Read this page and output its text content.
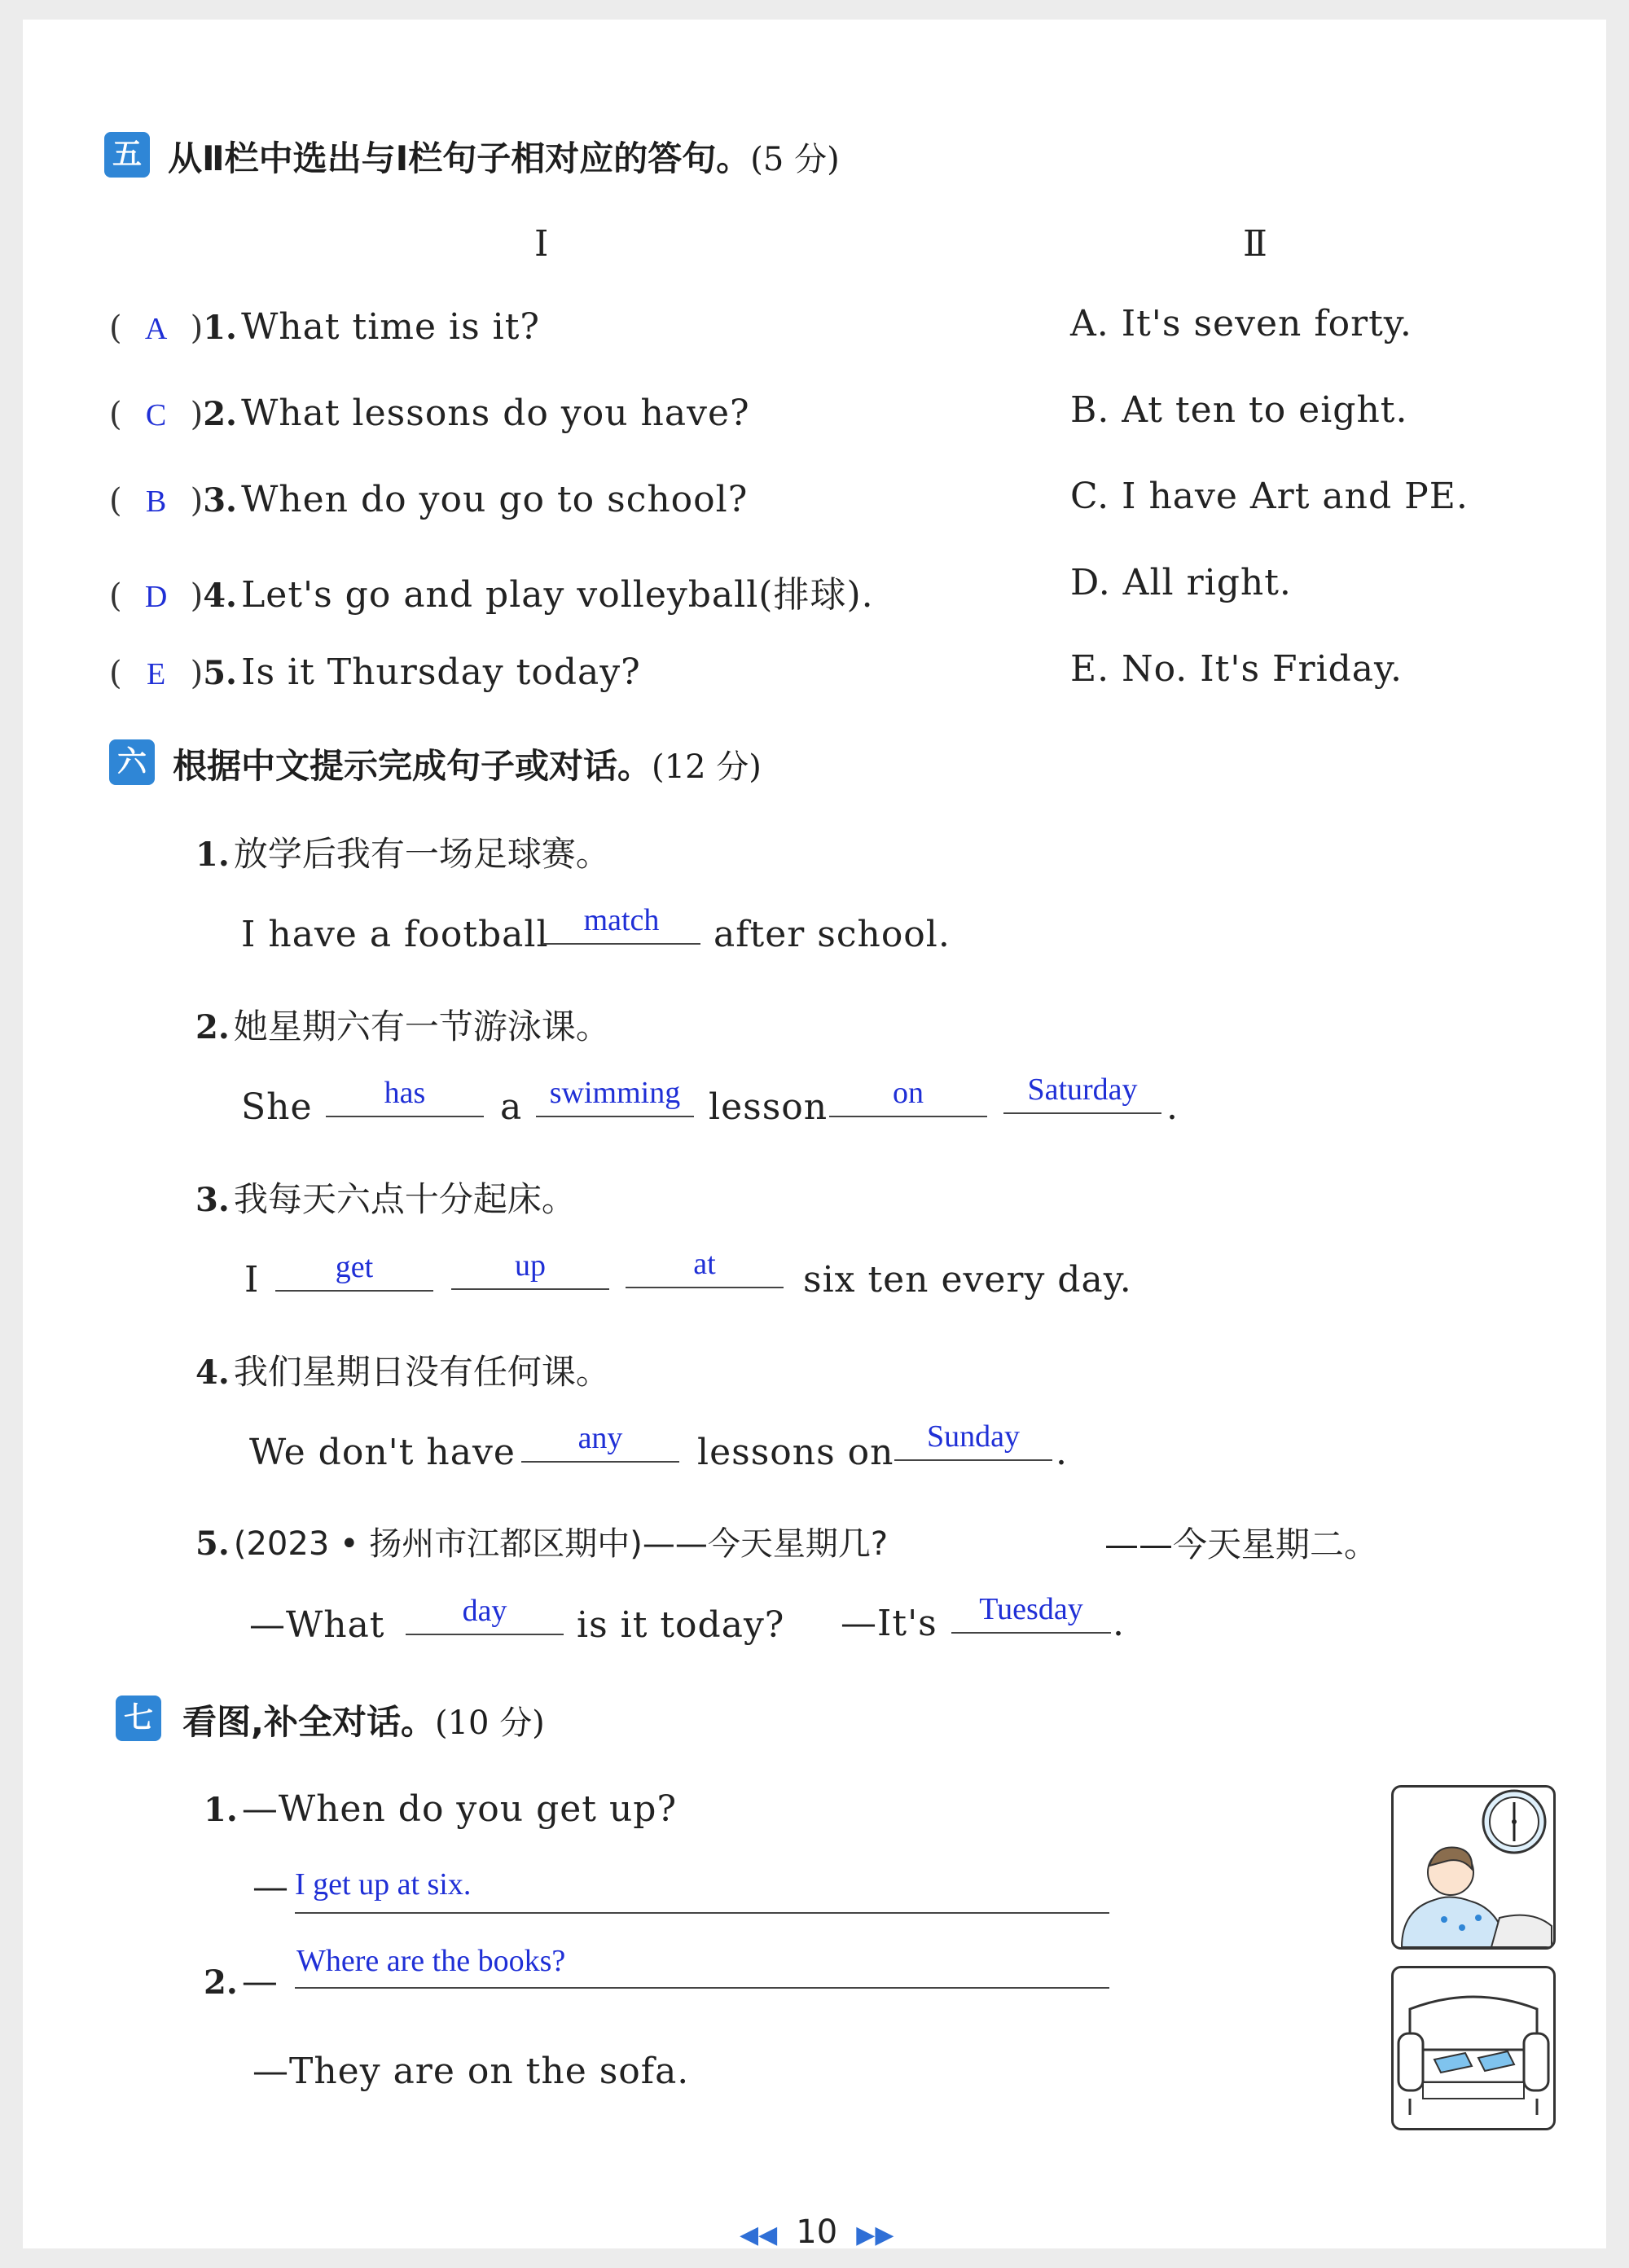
五 从Ⅱ栏中选出与Ⅰ栏句子相对应的答句。(5 分)
Ⅰ	Ⅱ
( A )1. What time is it?
( C )2. What lessons do you have?
( B )3. When do you go to school?
( D )4. Let's go and play volleyball(排球).
( E )5. Is it Thursday today?
A. It's seven forty.
B. At ten to eight.
C. I have Art and PE.
D. All right.
E. No. It's Friday.
六 根据中文提示完成句子或对话。(12 分)
1. 放学后我有一场足球赛。
I have a football	match	after school.
2. 她星期六有一节游泳课。
She	has	a swimming lesson	on	Saturday .
3. 我每天六点十分起床。
I	get	up	at	six ten every day.
4. 我们星期日没有任何课。
We don't have	any	lessons on	Sunday	.
5. (2023 • 扬州市江都区期中)——今天星期几?	——今天星期二。
—What	day	is it today? —It's	Tuesday .
七 看图,补全对话。(10 分)
1. —When do you get up?
— I get up at six.
2. — Where are the books?
—They are on the sofa.
◀◀ 10 ▶▶
